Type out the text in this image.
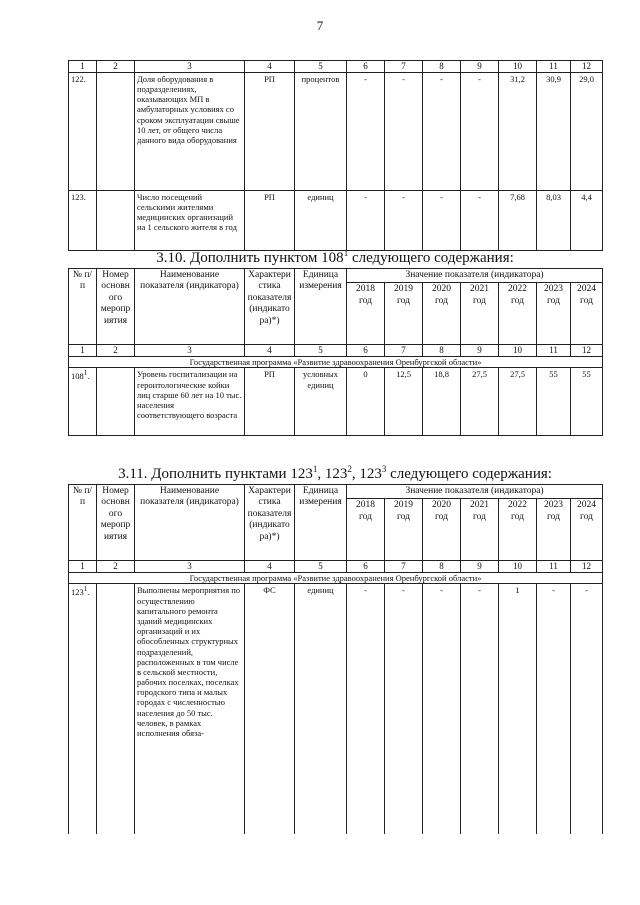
7
1	2	3	4	5	6	7	8	9	10	11	12
122.		Доля оборудования в подразделениях, оказывающих МП в амбулаторных условиях со сроком эксплуатации свыше 10 лет, от общего числа данного вида оборудования	РП	процентов	-	-	-	-	31,2	30,9	29,0
123.		Число посещений сельскими жителями медицинских организаций на 1 сельского жителя в год	РП	единиц	-	-	-	-	7,68	8,03	4,4
3.10. Дополнить пунктом $108^1$ следующего содержания:
№ п/п	Номер основного мероприятия	Наименование показателя (индикатора)	Характеристика показателя (индикатора)*)	Единица измерения	Значение показателя (индикатора)						
					2018 год	2019 год	2020 год	2021 год	2022 год	2023 год	2024 год
1	2	3	4	5	6	7	8	9	10	11	12
Государственная программа «Развитие здравоохранения Оренбургской области»											
$108^1$.		Уровень госпитализации на геронтологические койки лиц старше 60 лет на 10 тыс. населения соответствующего возраста	РП	условных единиц	0	12,5	18,8	27,5	27,5	55	55
3.11. Дополнить пунктами $123^1$, $123^2$, $123^3$ следующего содержания:
№ п/п	Номер основного мероприятия	Наименование показателя (индикатора)	Характеристика показателя (индикатора)*)	Единица измерения	Значение показателя (индикатора)						
					2018 год	2019 год	2020 год	2021 год	2022 год	2023 год	2024 год
1	2	3	4	5	6	7	8	9	10	11	12
Государственная программа «Развитие здравоохранения Оренбургской области»											
$123^1$.		Выполнены мероприятия по осуществлению капитального ремонта зданий медицинских организаций и их обособленных структурных подразделений, расположенных в том числе в сельской местности, рабочих поселках, поселках городского типа и малых городах с численностью населения до 50 тыс. человек, в рамках исполнения обяза-	ФС	единиц	-	-	-	-	1	-	-
